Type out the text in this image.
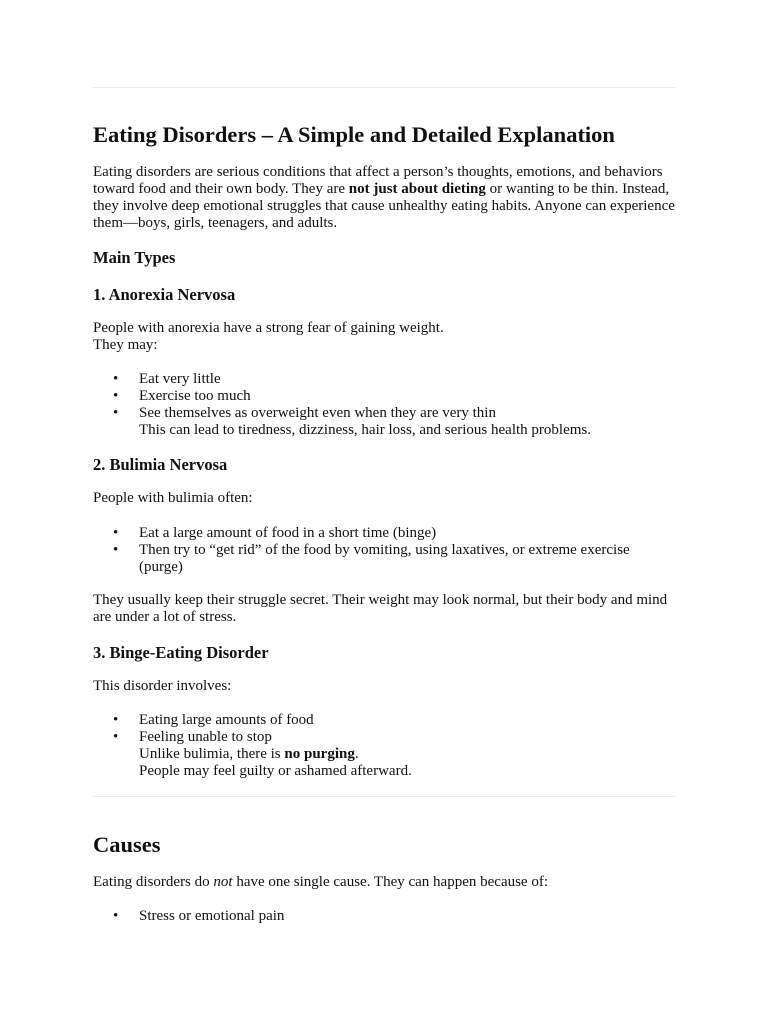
Eating Disorders – A Simple and Detailed Explanation

Eating disorders are serious conditions that affect a person’s thoughts, emotions, and behaviors toward food and their own body. They are not just about dieting or wanting to be thin. Instead, they involve deep emotional struggles that cause unhealthy eating habits. Anyone can experience them—boys, girls, teenagers, and adults.

Main Types
1. Anorexia Nervosa

People with anorexia have a strong fear of gaining weight.

They may:

• Eat very little
• Exercise too much
• See themselves as overweight even when they are very thin

This can lead to tiredness, dizziness, hair loss, and serious health problems.

2. Bulimia Nervosa

People with bulimia often:

• Eat a large amount of food in a short time (binge)
• Then try to “get rid” of the food by vomiting, using laxatives, or extreme exercise (purge)

They usually keep their struggle secret. Their weight may look normal, but their body and mind are under a lot of stress.

3. Binge-Eating Disorder

This disorder involves:

• Eating large amounts of food
• Feeling unable to stop

Unlike bulimia, there is no purging.

People may feel guilty or ashamed afterward.

Causes

Eating disorders do not have one single cause. They can happen because of:

• Stress or emotional pain
